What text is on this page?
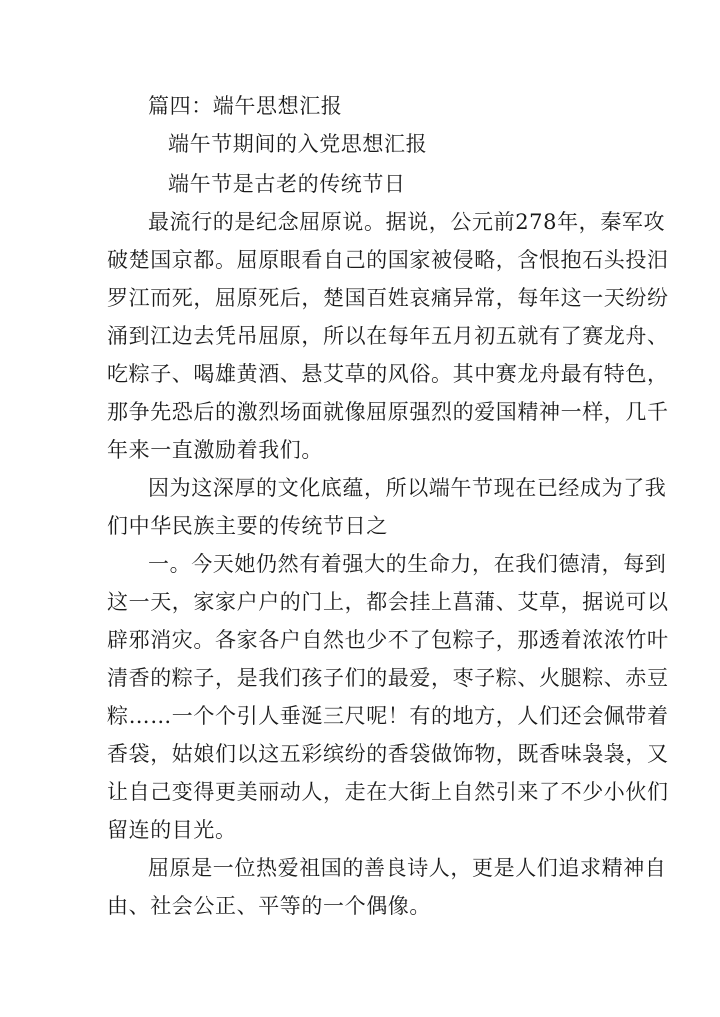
篇四：端午思想汇报
端午节期间的入党思想汇报
端午节是古老的传统节日
最流行的是纪念屈原说。据说，公元前278年，秦军攻
破楚国京都。屈原眼看自己的国家被侵略，含恨抱石头投汨
罗江而死，屈原死后，楚国百姓哀痛异常，每年这一天纷纷
涌到江边去凭吊屈原，所以在每年五月初五就有了赛龙舟、
吃粽子、喝雄黄酒、悬艾草的风俗。其中赛龙舟最有特色，
那争先恐后的激烈场面就像屈原强烈的爱国精神一样，几千
年来一直激励着我们。
因为这深厚的文化底蕴，所以端午节现在已经成为了我
们中华民族主要的传统节日之
一。今天她仍然有着强大的生命力，在我们德清，每到
这一天，家家户户的门上，都会挂上菖蒲、艾草，据说可以
辟邪消灾。各家各户自然也少不了包粽子，那透着浓浓竹叶
清香的粽子，是我们孩子们的最爱，枣子粽、火腿粽、赤豆
粽……一个个引人垂涎三尺呢！有的地方，人们还会佩带着
香袋，姑娘们以这五彩缤纷的香袋做饰物，既香味袅袅，又
让自己变得更美丽动人，走在大街上自然引来了不少小伙们
留连的目光。
屈原是一位热爱祖国的善良诗人，更是人们追求精神自
由、社会公正、平等的一个偶像。
